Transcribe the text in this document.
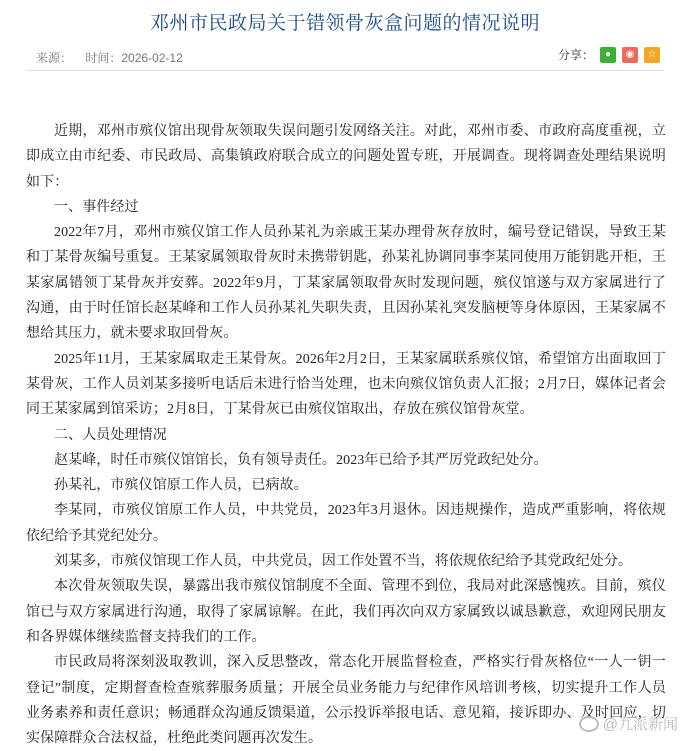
邓州市民政局关于错领骨灰盒问题的情况说明
来源： 时间：2026-02-12	分享：	●	◉	☆

近期，邓州市殡仪馆出现骨灰领取失误问题引发网络关注。对此，邓州市委、市政府高度重视，立即成立由市纪委、市民政局、高集镇政府联合成立的问题处置专班，开展调查。现将调查处理结果说明如下：

一、事件经过

2022年7月，邓州市殡仪馆工作人员孙某礼为亲戚王某办理骨灰存放时，编号登记错误，导致王某和丁某骨灰编号重复。王某家属领取骨灰时未携带钥匙，孙某礼协调同事李某同使用万能钥匙开柜，王某家属错领丁某骨灰并安葬。2022年9月，丁某家属领取骨灰时发现问题，殡仪馆遂与双方家属进行了沟通，由于时任馆长赵某峰和工作人员孙某礼失职失责，且因孙某礼突发脑梗等身体原因，王某家属不想给其压力，就未要求取回骨灰。

2025年11月，王某家属取走王某骨灰。2026年2月2日，王某家属联系殡仪馆，希望馆方出面取回丁某骨灰，工作人员刘某多接听电话后未进行恰当处理，也未向殡仪馆负责人汇报；2月7日，媒体记者会同王某家属到馆采访；2月8日，丁某骨灰已由殡仪馆取出，存放在殡仪馆骨灰堂。

二、人员处理情况

赵某峰，时任市殡仪馆馆长，负有领导责任。2023年已给予其严厉党政纪处分。

孙某礼，市殡仪馆原工作人员，已病故。

李某同，市殡仪馆原工作人员，中共党员，2023年3月退休。因违规操作，造成严重影响，将依规依纪给予其党纪处分。

刘某多，市殡仪馆现工作人员，中共党员，因工作处置不当，将依规依纪给予其党政纪处分。

本次骨灰领取失误，暴露出我市殡仪馆制度不全面、管理不到位，我局对此深感愧疚。目前，殡仪馆已与双方家属进行沟通，取得了家属谅解。在此，我们再次向双方家属致以诚恳歉意，欢迎网民朋友和各界媒体继续监督支持我们的工作。

市民政局将深刻汲取教训，深入反思整改，常态化开展监督检查，严格实行骨灰格位“一人一钥一登记”制度，定期督查检查殡葬服务质量；开展全员业务能力与纪律作风培训考核，切实提升工作人员业务素养和责任意识；畅通群众沟通反馈渠道，公示投诉举报电话、意见箱，接诉即办、及时回应，切实保障群众合法权益，杜绝此类问题再次发生。

@九派新闻
